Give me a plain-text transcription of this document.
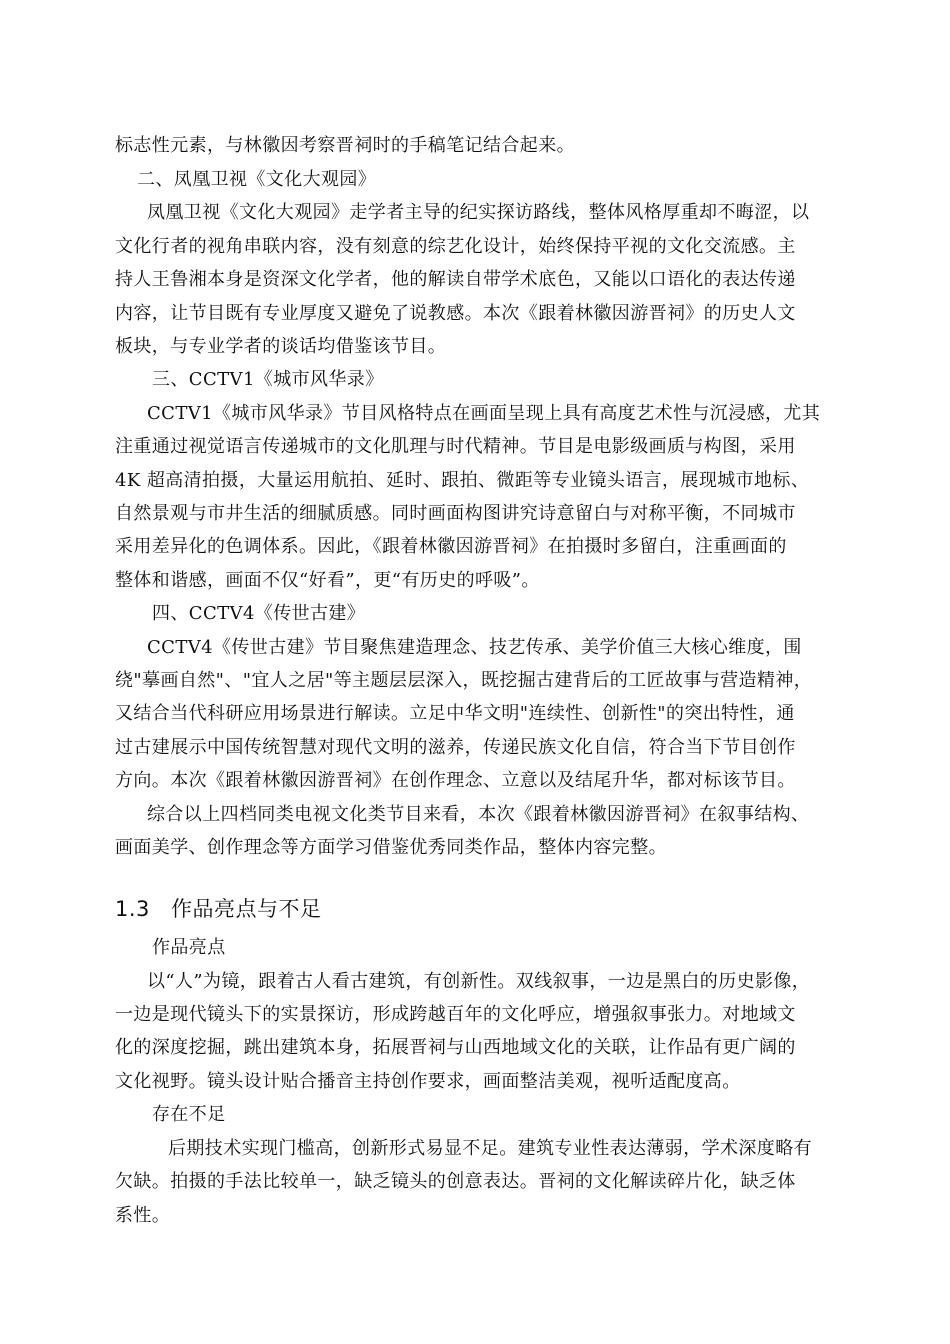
标志性元素，与林徽因考察晋祠时的手稿笔记结合起来。
二、凤凰卫视《文化大观园》
凤凰卫视《文化大观园》走学者主导的纪实探访路线，整体风格厚重却不晦涩，以
文化行者的视角串联内容，没有刻意的综艺化设计，始终保持平视的文化交流感。主
持人王鲁湘本身是资深文化学者，他的解读自带学术底色，又能以口语化的表达传递
内容，让节目既有专业厚度又避免了说教感。本次《跟着林徽因游晋祠》的历史人文
板块，与专业学者的谈话均借鉴该节目。
三、CCTV1《城市风华录》
CCTV1《城市风华录》节目风格特点在画面呈现上具有高度艺术性与沉浸感，尤其
注重通过视觉语言传递城市的文化肌理与时代精神。节目是电影级画质与构图，采用
4K 超高清拍摄，大量运用航拍、延时、跟拍、微距等专业镜头语言，展现城市地标、
自然景观与市井生活的细腻质感。同时画面构图讲究诗意留白与对称平衡，不同城市
采用差异化的色调体系。因此，《跟着林徽因游晋祠》在拍摄时多留白，注重画面的
整体和谐感，画面不仅“好看”，更“有历史的呼吸”。
四、CCTV4《传世古建》
CCTV4《传世古建》节目聚焦建造理念、技艺传承、美学价值三大核心维度，围
绕"摹画自然"、"宜人之居"等主题层层深入，既挖掘古建背后的工匠故事与营造精神，
又结合当代科研应用场景进行解读。立足中华文明"连续性、创新性"的突出特性，通
过古建展示中国传统智慧对现代文明的滋养，传递民族文化自信，符合当下节目创作
方向。本次《跟着林徽因游晋祠》在创作理念、立意以及结尾升华，都对标该节目。
综合以上四档同类电视文化类节目来看，本次《跟着林徽因游晋祠》在叙事结构、
画面美学、创作理念等方面学习借鉴优秀同类作品，整体内容完整。
1.3 作品亮点与不足
作品亮点
以“人”为镜，跟着古人看古建筑，有创新性。双线叙事，一边是黑白的历史影像，
一边是现代镜头下的实景探访，形成跨越百年的文化呼应，增强叙事张力。对地域文
化的深度挖掘，跳出建筑本身，拓展晋祠与山西地域文化的关联，让作品有更广阔的
文化视野。镜头设计贴合播音主持创作要求，画面整洁美观，视听适配度高。
存在不足
后期技术实现门槛高，创新形式易显不足。建筑专业性表达薄弱，学术深度略有
欠缺。拍摄的手法比较单一，缺乏镜头的创意表达。晋祠的文化解读碎片化，缺乏体
系性。
